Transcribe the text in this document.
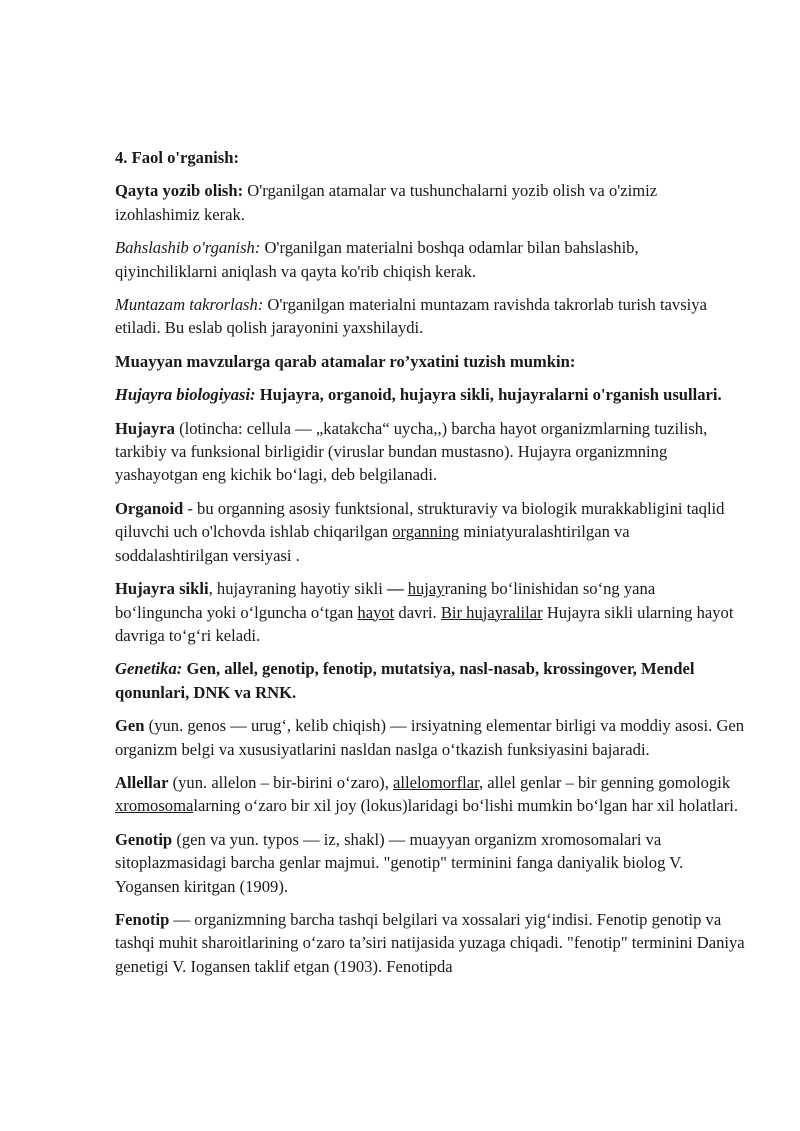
4. Faol o'rganish:
Qayta yozib olish: O'rganilgan atamalar va tushunchalarni yozib olish va o'zimiz izohlashimiz kerak.
Bahslashib o'rganish: O'rganilgan materialni boshqa odamlar bilan bahslashib, qiyinchiliklarni aniqlash va qayta ko'rib chiqish kerak.
Muntazam takrorlash: O'rganilgan materialni muntazam ravishda takrorlab turish tavsiya etiladi. Bu eslab qolish jarayonini yaxshilaydi.
Muayyan mavzularga qarab atamalar ro’yxatini tuzish mumkin:
Hujayra biologiyasi: Hujayra, organoid, hujayra sikli, hujayralarni o'rganish usullari.
Hujayra (lotincha: cellula — „katakcha“ uycha,,) barcha hayot organizmlarning tuzilish, tarkibiy va funksional birligidir (viruslar bundan mustasno). Hujayra organizmning yashayotgan eng kichik bo‘lagi, deb belgilanadi.
Organoid - bu organning asosiy funktsional, strukturaviy va biologik murakkabligini taqlid qiluvchi uch o'lchovda ishlab chiqarilgan organning miniatyuralashtirilgan va soddalashtirilgan versiyasi .
Hujayra sikli, hujayraning hayotiy sikli — hujayraning bo‘linishidan so‘ng yana bo‘linguncha yoki o‘lguncha o‘tgan hayot davri. Bir hujayralilar Hujayra sikli ularning hayot davriga to‘g‘ri keladi.
Genetika: Gen, allel, genotip, fenotip, mutatsiya, nasl-nasab, krossingover, Mendel qonunlari, DNK va RNK.
Gen (yun. genos — urug‘, kelib chiqish) — irsiyatning elementar birligi va moddiy asosi. Gen organizm belgi va xususiyatlarini nasldan naslga o‘tkazish funksiyasini bajaradi.
Allellar (yun. allelon – bir-birini o‘zaro), allelomorflar, allel genlar – bir genning gomologik xromosomalarning o‘zaro bir xil joy (lokus)laridagi bo‘lishi mumkin bo‘lgan har xil holatlari.
Genotip (gen va yun. typos — iz, shakl) — muayyan organizm xromosomalari va sitoplazmasidagi barcha genlar majmui. "genotip" terminini fanga daniyalik biolog V. Yogansen kiritgan (1909).
Fenotip — organizmning barcha tashqi belgilari va xossalari yig‘indisi. Fenotip genotip va tashqi muhit sharoitlarining o‘zaro ta’siri natijasida yuzaga chiqadi. "fenotip" terminini Daniya genetigi V. Iogansen taklif etgan (1903). Fenotipda
